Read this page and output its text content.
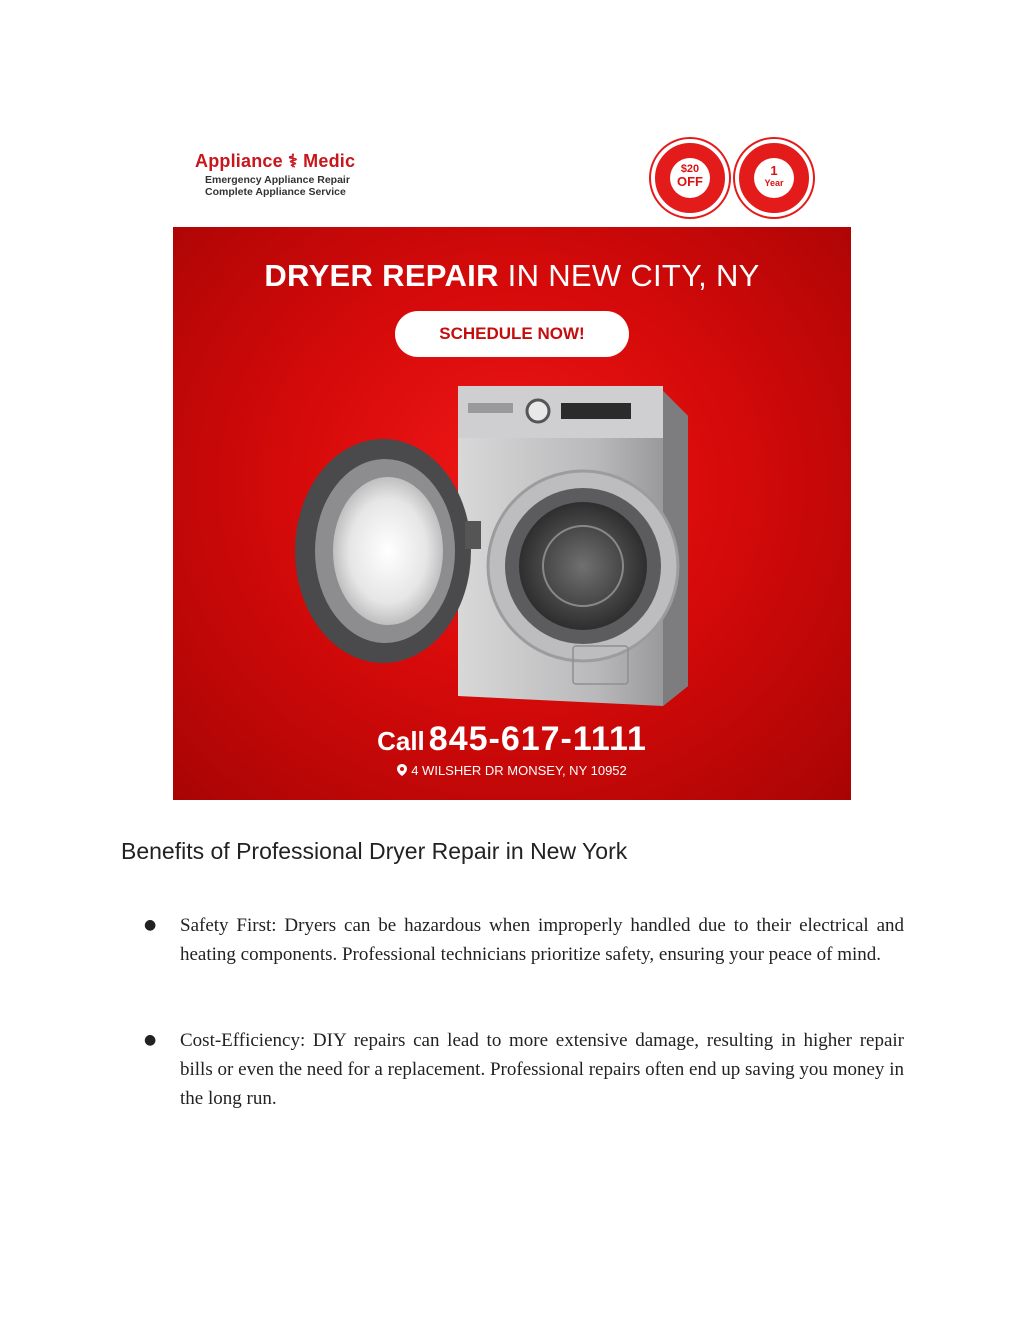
Appliance ⚕ Medic
Emergency Appliance Repair
Complete Appliance Service
$20
OFF
1
Year
DRYER REPAIR IN NEW CITY, NY
SCHEDULE NOW!
Call 845-617-1111
4 WILSHER DR MONSEY, NY 10952
Benefits of Professional Dryer Repair in New York
● Safety First: Dryers can be hazardous when improperly handled due to their electrical and heating components. Professional technicians prioritize safety, ensuring your peace of mind.
● Cost-Efficiency: DIY repairs can lead to more extensive damage, resulting in higher repair bills or even the need for a replacement. Professional repairs often end up saving you money in the long run.
